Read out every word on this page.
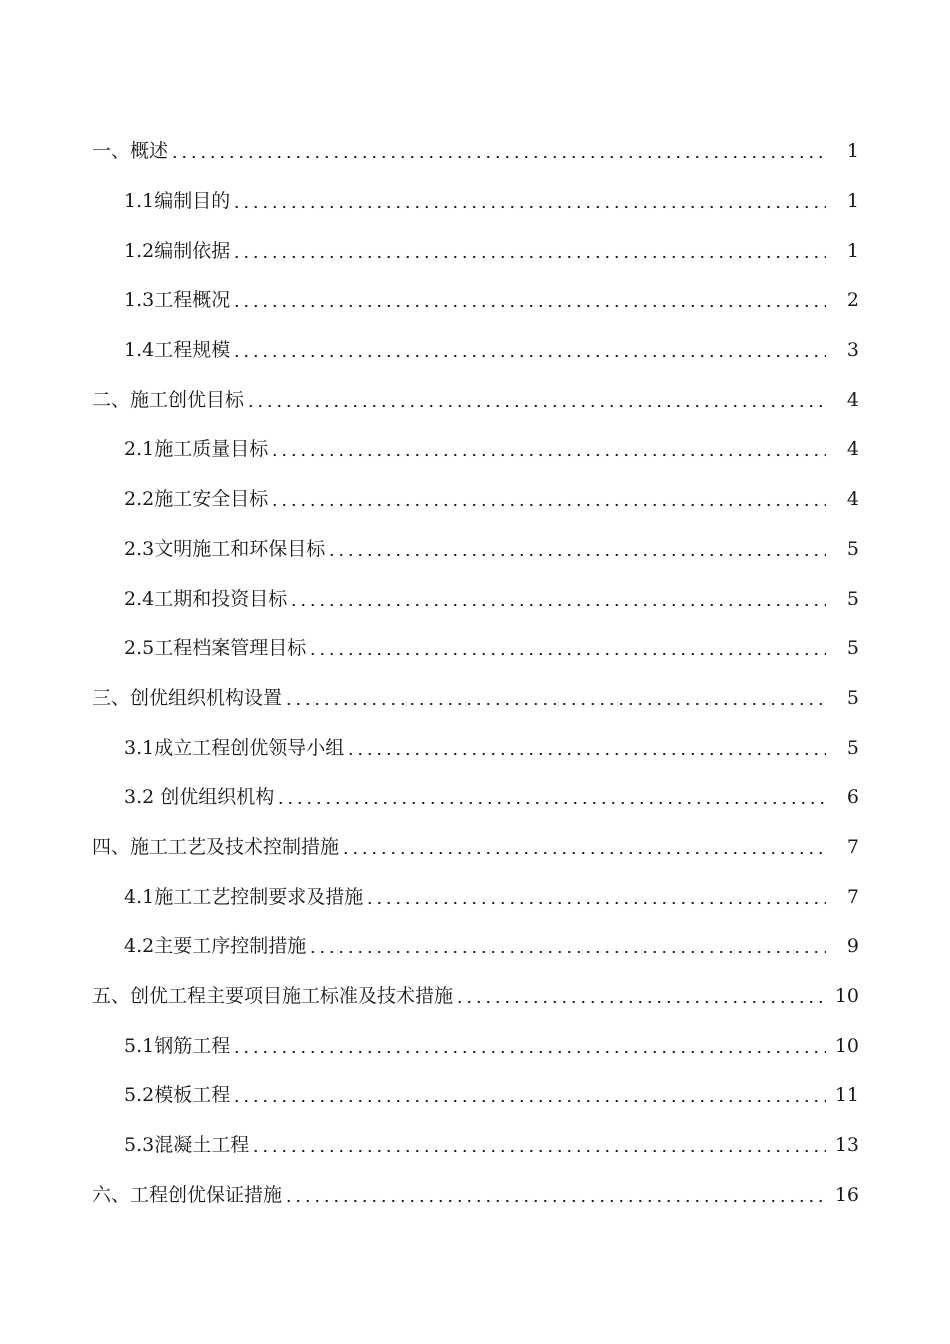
一、概述	1
1.1编制目的	1
1.2编制依据	1
1.3工程概况	2
1.4工程规模	3
二、施工创优目标	4
2.1施工质量目标	4
2.2施工安全目标	4
2.3文明施工和环保目标	5
2.4工期和投资目标	5
2.5工程档案管理目标	5
三、创优组织机构设置	5
3.1成立工程创优领导小组	5
3.2 创优组织机构	6
四、施工工艺及技术控制措施	7
4.1施工工艺控制要求及措施	7
4.2主要工序控制措施	9
五、创优工程主要项目施工标准及技术措施	10
5.1钢筋工程	10
5.2模板工程	11
5.3混凝土工程	13
六、工程创优保证措施	16
